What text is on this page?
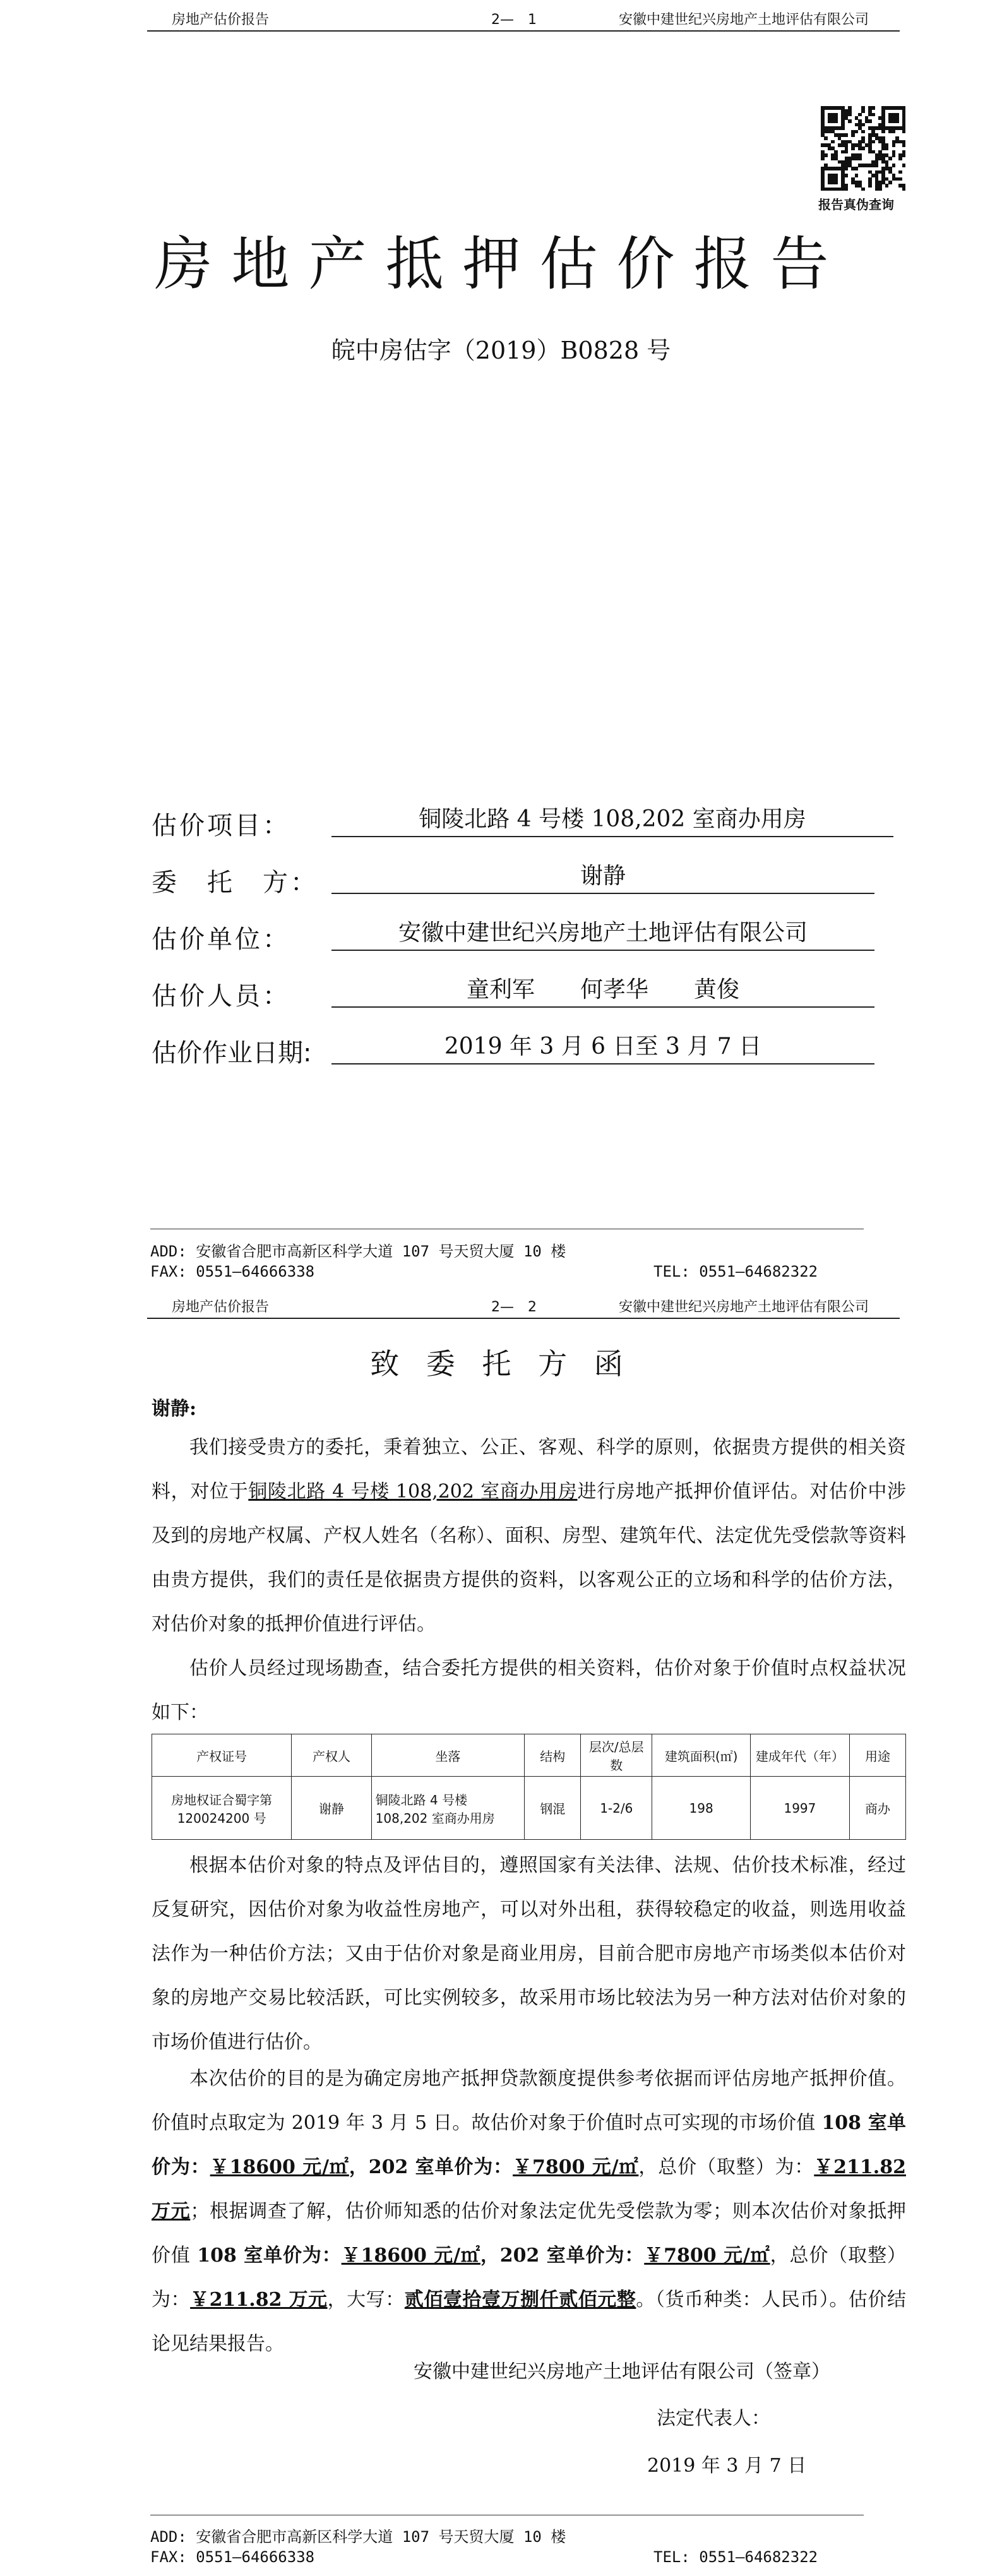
房地产估价报告	2—　1	安徽中建世纪兴房地产土地评估有限公司
报告真伪查询
房地产抵押估价报告
皖中房估字（2019）B0828 号
估价项目：	铜陵北路 4 号楼 108,202 室商办用房
委　托　方：	谢静
估价单位：	安徽中建世纪兴房地产土地评估有限公司
估价人员：	童利军　　何孝华　　黄俊
估价作业日期:	2019 年 3 月 6 日至 3 月 7 日
ADD: 安徽省合肥市高新区科学大道 107 号天贸大厦 10 楼
FAX: 0551—64666338	TEL: 0551—64682322
房地产估价报告	2—　2	安徽中建世纪兴房地产土地评估有限公司
致 委 托 方 函
谢静:
我们接受贵方的委托，秉着独立、公正、客观、科学的原则，依据贵方提供的相关资料，对位于铜陵北路 4 号楼 108,202 室商办用房进行房地产抵押价值评估。对估价中涉及到的房地产权属、产权人姓名（名称）、面积、房型、建筑年代、法定优先受偿款等资料由贵方提供，我们的责任是依据贵方提供的资料，以客观公正的立场和科学的估价方法，对估价对象的抵押价值进行评估。
估价人员经过现场勘查，结合委托方提供的相关资料，估价对象于价值时点权益状况如下：
产权证号	产权人	坐落	结构	层次/总层数	建筑面积(㎡)	建成年代（年）	用途
房地权证合蜀字第 120024200 号	谢静	铜陵北路 4 号楼 108,202 室商办用房	钢混	1-2/6	198	1997	商办
根据本估价对象的特点及评估目的，遵照国家有关法律、法规、估价技术标准，经过反复研究，因估价对象为收益性房地产，可以对外出租，获得较稳定的收益，则选用收益法作为一种估价方法；又由于估价对象是商业用房，目前合肥市房地产市场类似本估价对象的房地产交易比较活跃，可比实例较多，故采用市场比较法为另一种方法对估价对象的市场价值进行估价。
本次估价的目的是为确定房地产抵押贷款额度提供参考依据而评估房地产抵押价值。价值时点取定为 2019 年 3 月 5 日。故估价对象于价值时点可实现的市场价值 108 室单价为：￥18600 元/㎡，202 室单价为：￥7800 元/㎡，总价（取整）为：￥211.82 万元；根据调查了解，估价师知悉的估价对象法定优先受偿款为零；则本次估价对象抵押价值 108 室单价为：￥18600 元/㎡，202 室单价为：￥7800 元/㎡，总价（取整）为：￥211.82 万元，大写：贰佰壹拾壹万捌仟贰佰元整。（货币种类：人民币）。估价结论见结果报告。
安徽中建世纪兴房地产土地评估有限公司（签章）
法定代表人：
2019 年 3 月 7 日
ADD: 安徽省合肥市高新区科学大道 107 号天贸大厦 10 楼
FAX: 0551—64666338	TEL: 0551—64682322
